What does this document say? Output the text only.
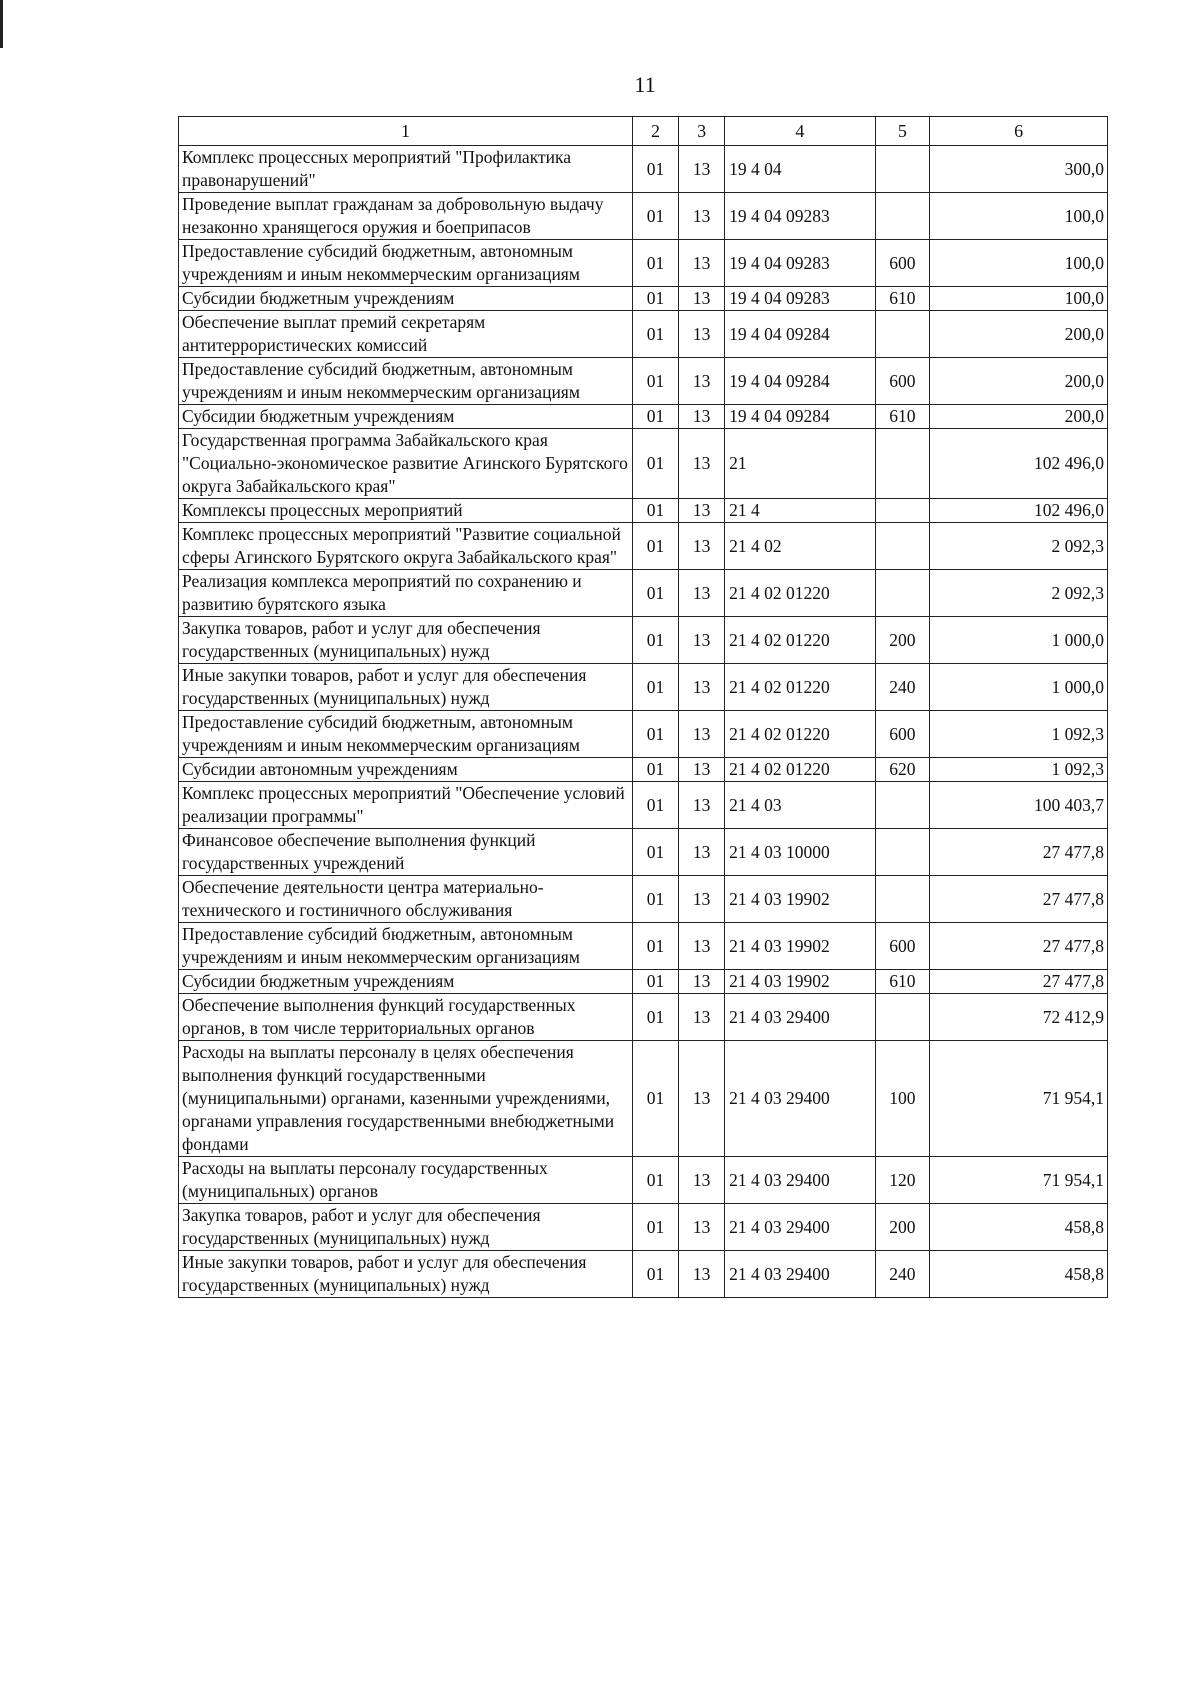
11
1	2	3	4	5	6
Комплекс процессных мероприятий "Профилактика правонарушений"	01	13	19 4 04		300,0
Проведение выплат гражданам за добровольную выдачу незаконно хранящегося оружия и боеприпасов	01	13	19 4 04 09283		100,0
Предоставление субсидий бюджетным, автономным учреждениям и иным некоммерческим организациям	01	13	19 4 04 09283	600	100,0
Субсидии бюджетным учреждениям	01	13	19 4 04 09283	610	100,0
Обеспечение выплат премий секретарям антитеррористических комиссий	01	13	19 4 04 09284		200,0
Предоставление субсидий бюджетным, автономным учреждениям и иным некоммерческим организациям	01	13	19 4 04 09284	600	200,0
Субсидии бюджетным учреждениям	01	13	19 4 04 09284	610	200,0
Государственная программа Забайкальского края "Социально-экономическое развитие Агинского Бурятского округа Забайкальского края"	01	13	21		102 496,0
Комплексы процессных мероприятий	01	13	21 4		102 496,0
Комплекс процессных мероприятий "Развитие социальной сферы Агинского Бурятского округа Забайкальского края"	01	13	21 4 02		2 092,3
Реализация комплекса мероприятий по сохранению и развитию бурятского языка	01	13	21 4 02 01220		2 092,3
Закупка товаров, работ и услуг для обеспечения государственных (муниципальных) нужд	01	13	21 4 02 01220	200	1 000,0
Иные закупки товаров, работ и услуг для обеспечения государственных (муниципальных) нужд	01	13	21 4 02 01220	240	1 000,0
Предоставление субсидий бюджетным, автономным учреждениям и иным некоммерческим организациям	01	13	21 4 02 01220	600	1 092,3
Субсидии автономным учреждениям	01	13	21 4 02 01220	620	1 092,3
Комплекс процессных мероприятий "Обеспечение условий реализации программы"	01	13	21 4 03		100 403,7
Финансовое обеспечение выполнения функций государственных учреждений	01	13	21 4 03 10000		27 477,8
Обеспечение деятельности центра материально-технического и гостиничного обслуживания	01	13	21 4 03 19902		27 477,8
Предоставление субсидий бюджетным, автономным учреждениям и иным некоммерческим организациям	01	13	21 4 03 19902	600	27 477,8
Субсидии бюджетным учреждениям	01	13	21 4 03 19902	610	27 477,8
Обеспечение выполнения функций государственных органов, в том числе территориальных органов	01	13	21 4 03 29400		72 412,9
Расходы на выплаты персоналу в целях обеспечения выполнения функций государственными (муниципальными) органами, казенными учреждениями, органами управления государственными внебюджетными фондами	01	13	21 4 03 29400	100	71 954,1
Расходы на выплаты персоналу государственных (муниципальных) органов	01	13	21 4 03 29400	120	71 954,1
Закупка товаров, работ и услуг для обеспечения государственных (муниципальных) нужд	01	13	21 4 03 29400	200	458,8
Иные закупки товаров, работ и услуг для обеспечения государственных (муниципальных) нужд	01	13	21 4 03 29400	240	458,8
